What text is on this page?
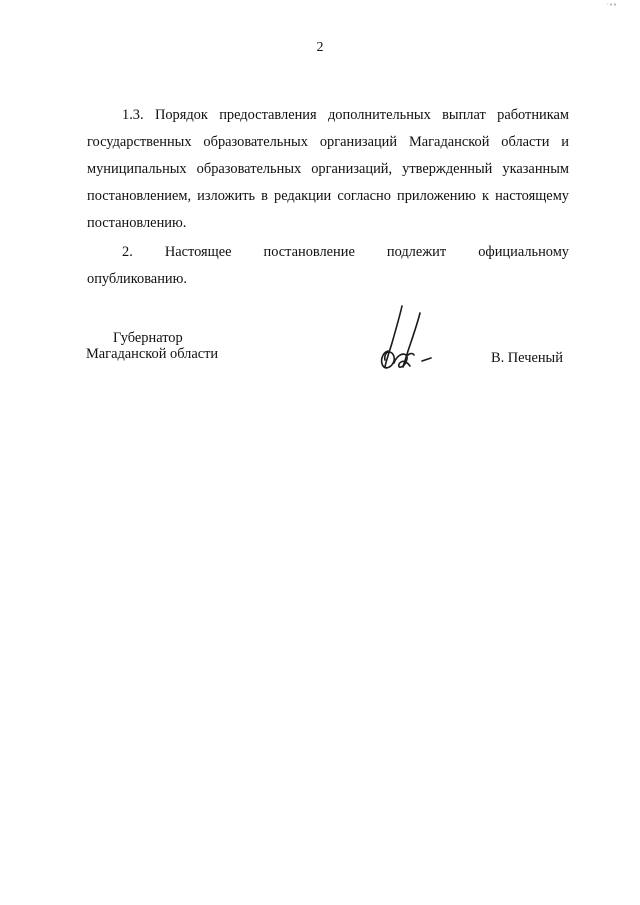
·▪▪
2

1.3. Порядок предоставления дополнительных выплат работникам государственных образовательных организаций Магаданской области и муниципальных образовательных организаций, утвержденный указанным постановлением, изложить в редакции согласно приложению к настоящему постановлению.

2. Настоящее постановление подлежит официальному

опубликованию.

Губернатор
Магаданской области	В. Печеный
